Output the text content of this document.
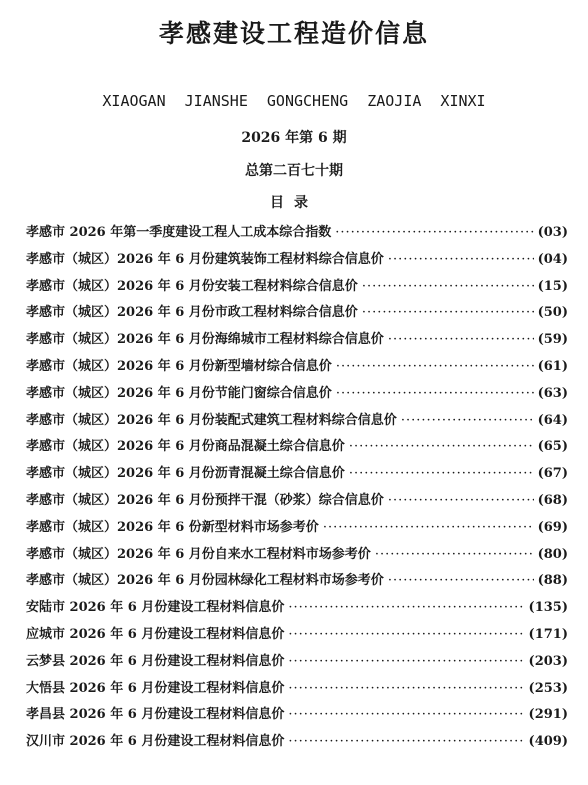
孝感建设工程造价信息
XIAOGAN JIANSHE GONGCHENG ZAOJIA XINXI
2026 年第 6 期
总第二百七十期
目录
孝感市 2026 年第一季度建设工程人工成本综合指数 ·····	(03)
孝感市（城区）2026 年 6 月份建筑装饰工程材料综合信息价 ·····	(04)
孝感市（城区）2026 年 6 月份安装工程材料综合信息价 ·····	(15)
孝感市（城区）2026 年 6 月份市政工程材料综合信息价 ·····	(50)
孝感市（城区）2026 年 6 月份海绵城市工程材料综合信息价 ·····	(59)
孝感市（城区）2026 年 6 月份新型墙材综合信息价 ·····	(61)
孝感市（城区）2026 年 6 月份节能门窗综合信息价 ·····	(63)
孝感市（城区）2026 年 6 月份装配式建筑工程材料综合信息价 ·····	(64)
孝感市（城区）2026 年 6 月份商品混凝土综合信息价 ·····	(65)
孝感市（城区）2026 年 6 月份沥青混凝土综合信息价 ·····	(67)
孝感市（城区）2026 年 6 月份预拌干混（砂浆）综合信息价 ·····	(68)
孝感市（城区）2026 年 6 份新型材料市场参考价 ·····	(69)
孝感市（城区）2026 年 6 月份自来水工程材料市场参考价 ·····	(80)
孝感市（城区）2026 年 6 月份园林绿化工程材料市场参考价 ·····	(88)
安陆市 2026 年 6 月份建设工程材料信息价 ·····	(135)
应城市 2026 年 6 月份建设工程材料信息价 ·····	(171)
云梦县 2026 年 6 月份建设工程材料信息价 ·····	(203)
大悟县 2026 年 6 月份建设工程材料信息价 ·····	(253)
孝昌县 2026 年 6 月份建设工程材料信息价 ·····	(291)
汉川市 2026 年 6 月份建设工程材料信息价 ·····	(409)
